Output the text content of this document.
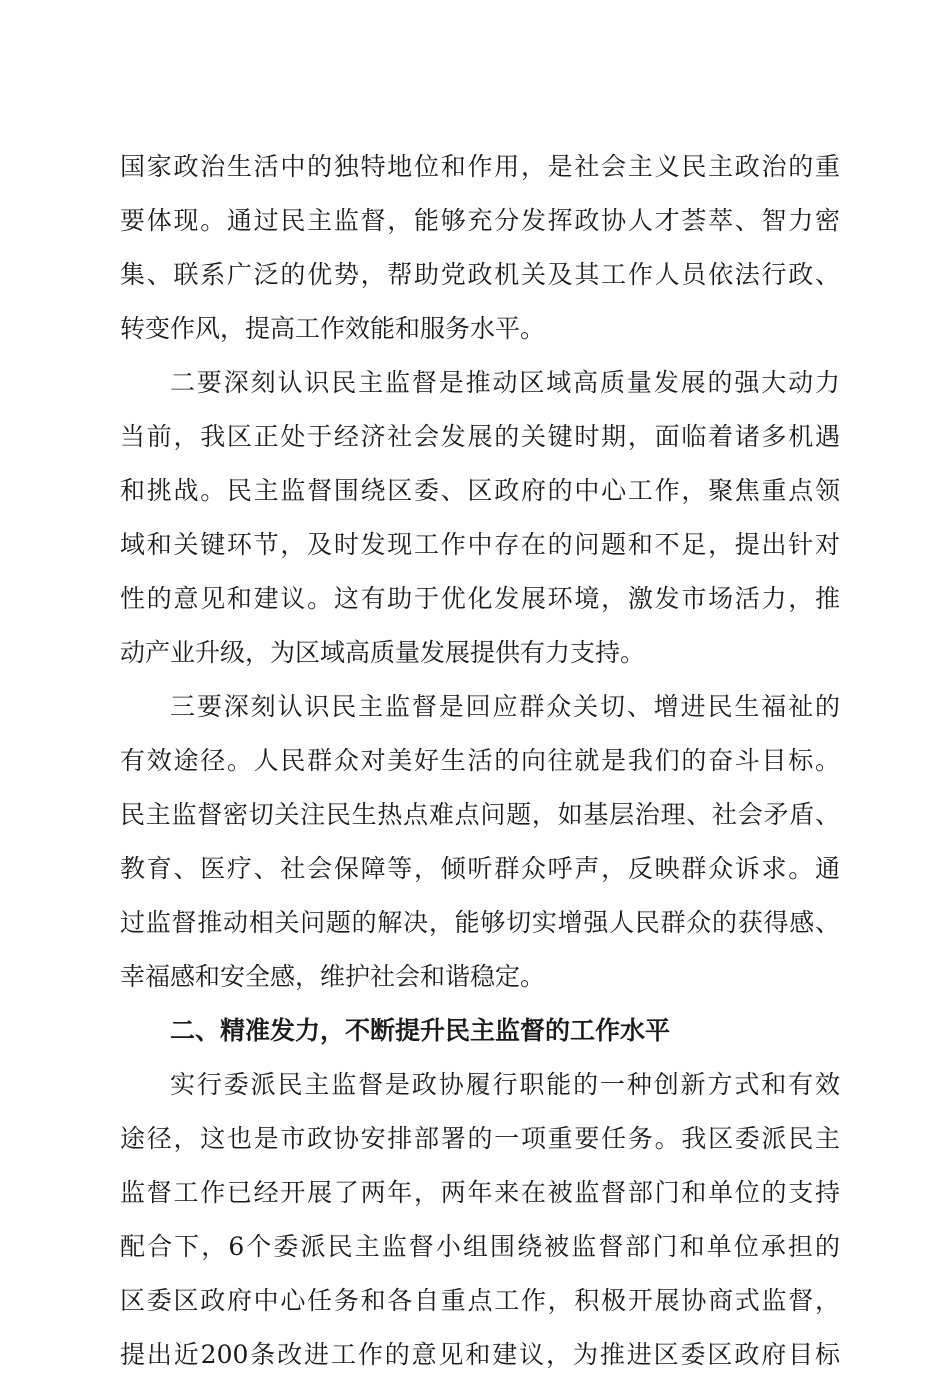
国家政治生活中的独特地位和作用，是社会主义民主政治的重
要体现。通过民主监督，能够充分发挥政协人才荟萃、智力密
集、联系广泛的优势，帮助党政机关及其工作人员依法行政、
转变作风，提高工作效能和服务水平。
二要深刻认识民主监督是推动区域高质量发展的强大动力
当前，我区正处于经济社会发展的关键时期，面临着诸多机遇
和挑战。民主监督围绕区委、区政府的中心工作，聚焦重点领
域和关键环节，及时发现工作中存在的问题和不足，提出针对
性的意见和建议。这有助于优化发展环境，激发市场活力，推
动产业升级，为区域高质量发展提供有力支持。
三要深刻认识民主监督是回应群众关切、增进民生福祉的
有效途径。人民群众对美好生活的向往就是我们的奋斗目标。
民主监督密切关注民生热点难点问题，如基层治理、社会矛盾、
教育、医疗、社会保障等，倾听群众呼声，反映群众诉求。通
过监督推动相关问题的解决，能够切实增强人民群众的获得感、
幸福感和安全感，维护社会和谐稳定。
二、精准发力，不断提升民主监督的工作水平
实行委派民主监督是政协履行职能的一种创新方式和有效
途径，这也是市政协安排部署的一项重要任务。我区委派民主
监督工作已经开展了两年，两年来在被监督部门和单位的支持
配合下，6个委派民主监督小组围绕被监督部门和单位承担的
区委区政府中心任务和各自重点工作，积极开展协商式监督，
提出近200条改进工作的意见和建议，为推进区委区政府目标
